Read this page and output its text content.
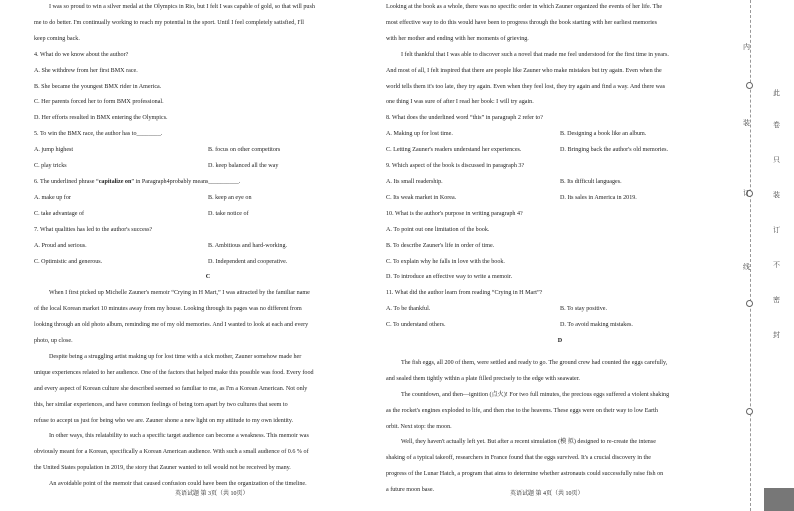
I was so proud to win a silver medal at the Olympics in Rio, but I felt I was capable of gold, so that will push

me to do better. I'm continually working to reach my potential in the sport. Until I feel completely satisfied, I'll

keep coming back.

4. What do we know about the author?

A. She withdrew from her first BMX race.

B. She became the youngest BMX rider in America.

C. Her parents forced her to form BMX professional.

D. Her efforts resulted in BMX entering the Olympics.

5. To win the BMX race, the author has to________.

A. jump highest	B. focus on other competitors
C. play tricks	D. keep balanced all the way

6. The underlined phrase “capitalize on” in Paragraph4probably means__________.

A. make up for	B. keep an eye on
C. take advantage of	D. take notice of

7. What qualities has led to the author's success?

A. Proud and serious.	B. Ambitious and hard-working.
C. Optimistic and generous.	D. Independent and cooperative.

C

When I first picked up Michelle Zauner's memoir “Crying in H Mart,” I was attracted by the familiar name

of the local Korean market 10 minutes away from my house. Looking through its pages was no different from

looking through an old photo album, reminding me of my old memories. And I wanted to look at each and every

photo, up close.

Despite being a struggling artist making up for lost time with a sick mother, Zauner somehow made her

unique experiences related to her audience. One of the factors that helped make this possible was food. Every food

and every aspect of Korean culture she described seemed so familiar to me, as I'm a Korean American. Not only

this, her similar experiences, and have common feelings of being torn apart by two cultures that seem to

refuse to accept us just for being who we are. Zauner shone a new light on my attitude to my own identity.

In other ways, this relatability to such a specific target audience can become a weakness. This memoir was

obviously meant for a Korean, specifically a Korean American audience. With such a small audience of 0.6 % of

the United States population in 2019, the story that Zauner wanted to tell would not be received by many.

An avoidable point of the memoir that caused confusion could have been the organization of the timeline.

英语试题 第 3页（共 10页）

Looking at the book as a whole, there was no specific order in which Zauner organized the events of her life. The

most effective way to do this would have been to progress through the book starting with her earliest memories

with her mother and ending with her moments of grieving.

I felt thankful that I was able to discover such a novel that made me feel understood for the first time in years.

And most of all, I felt inspired that there are people like Zauner who make mistakes but try again. Even when the

world tells them it's too late, they try again. Even when they feel lost, they try again and find a way. And there was

one thing I was sure of after I read her book: I will try again.

8. What does the underlined word “this” in paragraph 2 refer to?

A. Making up for lost time.	B. Designing a book like an album.
C. Letting Zauner's readers understand her experiences.	D. Bringing back the author's old memories.

9. Which aspect of the book is discussed in paragraph 3?

A. Its small readership.	B. Its difficult languages.
C. Its weak market in Korea.	D. Its sales in America in 2019.

10. What is the author's purpose in writing paragraph 4?

A. To point out one limitation of the book.

B. To describe Zauner's life in order of time.

C. To explain why he falls in love with the book.

D. To introduce an effective way to write a memoir.

11. What did the author learn from reading “Crying in H Mart”?

A. To be thankful.	B. To stay positive.
C. To understand others.	D. To avoid making mistakes.

D

The fish eggs, all 200 of them, were settled and ready to go. The ground crew had counted the eggs carefully,

and sealed them tightly within a plate filled precisely to the edge with seawater.

The countdown, and then—ignition (点火)! For two full minutes, the precious eggs suffered a violent shaking

as the rocket's engines exploded to life, and then rise to the heavens. These eggs were on their way to low Earth

orbit. Next stop: the moon.

Well, they haven't actually left yet. But after a recent simulation (模 拟) designed to re-create the intense

shaking of a typical takeoff, researchers in France found that the eggs survived. It's a crucial discovery in the

progress of the Lunar Hatch, a program that aims to determine whether astronauts could successfully raise fish on

a future moon base.

英语试题 第 4页（共 10页）
内
装
订
线
此
卷
只
装
订
不
密
封
